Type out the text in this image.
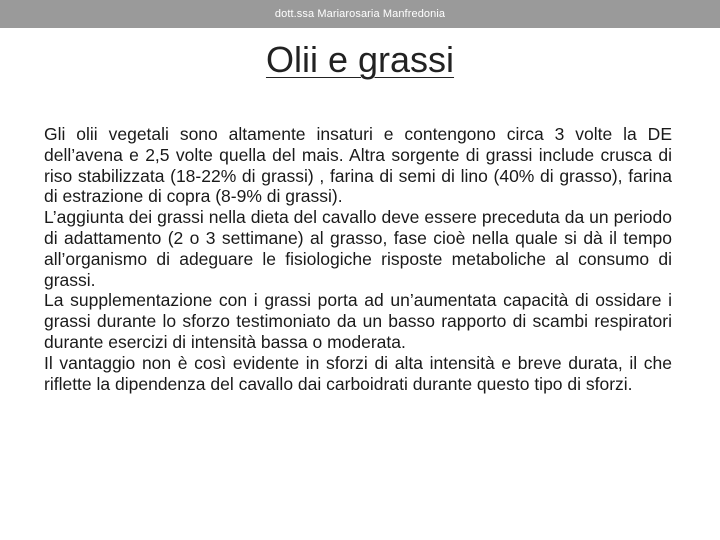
dott.ssa Mariarosaria Manfredonia
Olii e grassi

Gli olii vegetali sono altamente insaturi e contengono circa 3 volte la DE dell’avena e 2,5 volte quella del mais. Altra sorgente di grassi include crusca di riso stabilizzata (18-22% di grassi) , farina di semi di lino (40% di grasso), farina di estrazione di copra (8-9% di grassi).

L’aggiunta dei grassi nella dieta del cavallo deve essere preceduta da un periodo di adattamento (2 o 3 settimane) al grasso, fase cioè nella quale si dà il tempo all’organismo di adeguare le fisiologiche risposte metaboliche al consumo di grassi.

La supplementazione con i grassi porta ad un’aumentata capacità di ossidare i grassi durante lo sforzo testimoniato da un basso rapporto di scambi respiratori durante esercizi di intensità bassa o moderata.

Il vantaggio non è così evidente in sforzi di alta intensità e breve durata, il che riflette la dipendenza del cavallo dai carboidrati durante questo tipo di sforzi.
